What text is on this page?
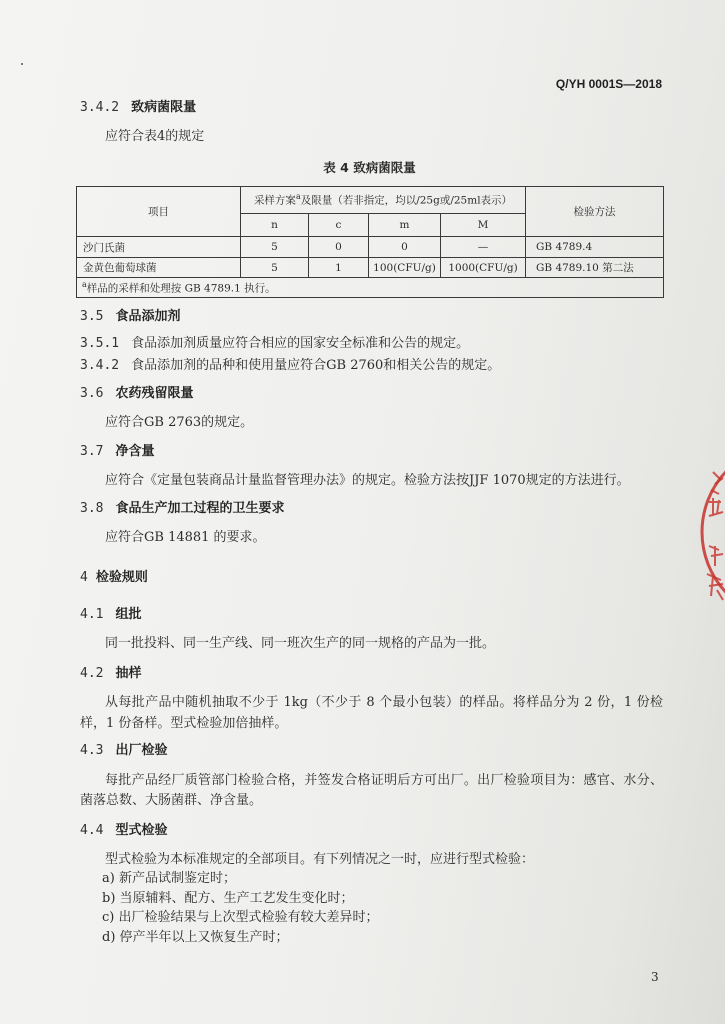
Q/YH 0001S—2018
3.4.2 致病菌限量
应符合表4的规定
表 4 致病菌限量
项目	采样方案$^a$及限量（若非指定，均以/25g或/25ml表示）				检验方法
	n	c	m	M	
沙门氏菌	5	0	0	—	GB 4789.4
金黄色葡萄球菌	5	1	100(CFU/g)	1000(CFU/g)	GB 4789.10 第二法
$^a$样品的采样和处理按 GB 4789.1 执行。					
3.5 食品添加剂
3.5.1 食品添加剂质量应符合相应的国家安全标准和公告的规定。
3.4.2 食品添加剂的品种和使用量应符合GB 2760和相关公告的规定。
3.6 农药残留限量
应符合GB 2763的规定。
3.7 净含量
应符合《定量包装商品计量监督管理办法》的规定。检验方法按JJF 1070规定的方法进行。
3.8 食品生产加工过程的卫生要求
应符合GB 14881 的要求。
4 检验规则
4.1 组批
同一批投料、同一生产线、同一班次生产的同一规格的产品为一批。
4.2 抽样
从每批产品中随机抽取不少于 1kg（不少于 8 个最小包装）的样品。将样品分为 2 份，1 份检样，1 份备样。型式检验加倍抽样。
4.3 出厂检验
每批产品经厂质管部门检验合格，并签发合格证明后方可出厂。出厂检验项目为：感官、水分、菌落总数、大肠菌群、净含量。
4.4 型式检验
型式检验为本标准规定的全部项目。有下列情况之一时，应进行型式检验：
a) 新产品试制鉴定时；
b) 当原辅料、配方、生产工艺发生变化时；
c) 出厂检验结果与上次型式检验有较大差异时；
d) 停产半年以上又恢复生产时；
3
